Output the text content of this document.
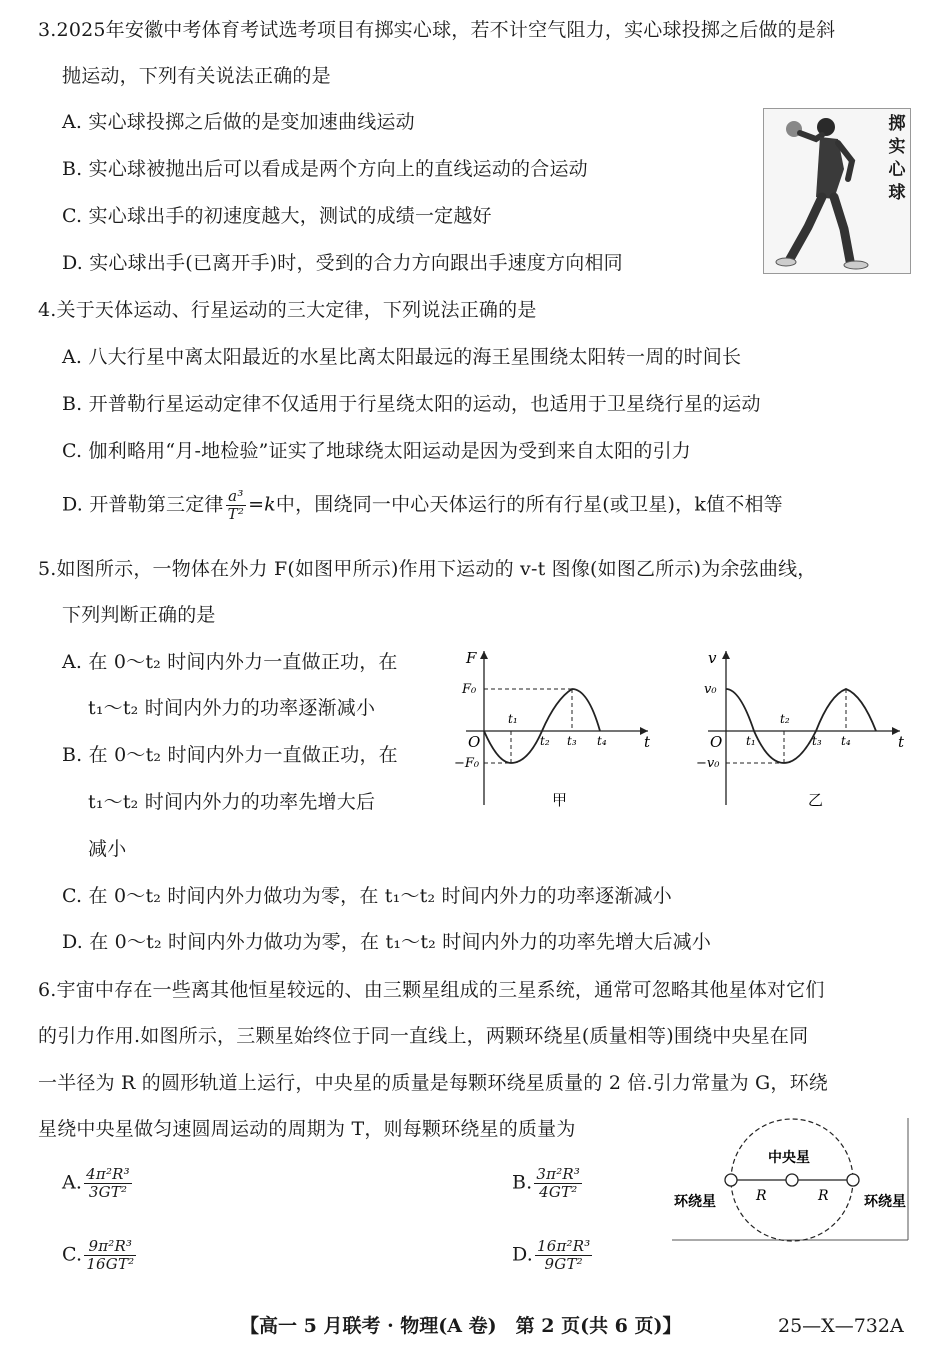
3.2025年安徽中考体育考试选考项目有掷实心球，若不计空气阻力，实心球投掷之后做的是斜
抛运动，下列有关说法正确的是
A. 实心球投掷之后做的是变加速曲线运动
B. 实心球被抛出后可以看成是两个方向上的直线运动的合运动
C. 实心球出手的初速度越大，测试的成绩一定越好
D. 实心球出手(已离开手)时，受到的合力方向跟出手速度方向相同
掷
实
心
球
4.关于天体运动、行星运动的三大定律，下列说法正确的是
A. 八大行星中离太阳最近的水星比离太阳最远的海王星围绕太阳转一周的时间长
B. 开普勒行星运动定律不仅适用于行星绕太阳的运动，也适用于卫星绕行星的运动
C. 伽利略用“月-地检验”证实了地球绕太阳运动是因为受到来自太阳的引力
D. 开普勒第三定律 $\frac{\text{a³}}{\text{T²}} =k$中，围绕同一中心天体运行的所有行星(或卫星)，k值不相等
5.如图所示，一物体在外力 F(如图甲所示)作用下运动的 v-t 图像(如图乙所示)为余弦曲线，
下列判断正确的是
A. 在 0～t₂ 时间内外力一直做正功，在
t₁～t₂ 时间内外力的功率逐渐减小
B. 在 0～t₂ 时间内外力一直做正功，在
t₁～t₂ 时间内外力的功率先增大后
减小
C. 在 0～t₂ 时间内外力做功为零，在 t₁～t₂ 时间内外力的功率逐渐减小
D. 在 0～t₂ 时间内外力做功为零，在 t₁～t₂ 时间内外力的功率先增大后减小
F
t
O
F₀
−F₀
t₁
t₂ t₃ t₄
甲
v
t
O
v₀
−v₀
t₁
t₂
t₃ t₄
乙
6.宇宙中存在一些离其他恒星较远的、由三颗星组成的三星系统，通常可忽略其他星体对它们
的引力作用.如图所示，三颗星始终位于同一直线上，两颗环绕星(质量相等)围绕中央星在同
一半径为 R 的圆形轨道上运行，中央星的质量是每颗环绕星质量的 2 倍.引力常量为 G，环绕
星绕中央星做匀速圆周运动的周期为 T，则每颗环绕星的质量为
A. $\frac{\text{4π²R³}}{\text{3GT²}}$	B. $\frac{\text{3π²R³}}{\text{4GT²}}$
C. $\frac{\text{9π²R³}}{\text{16GT²}}$	D. $\frac{\text{16π²R³}}{\text{9GT²}}$
中央星
环绕星	环绕星
R	R
【高一 5 月联考 · 物理(A 卷)　第 2 页(共 6 页)】	25—X—732A
